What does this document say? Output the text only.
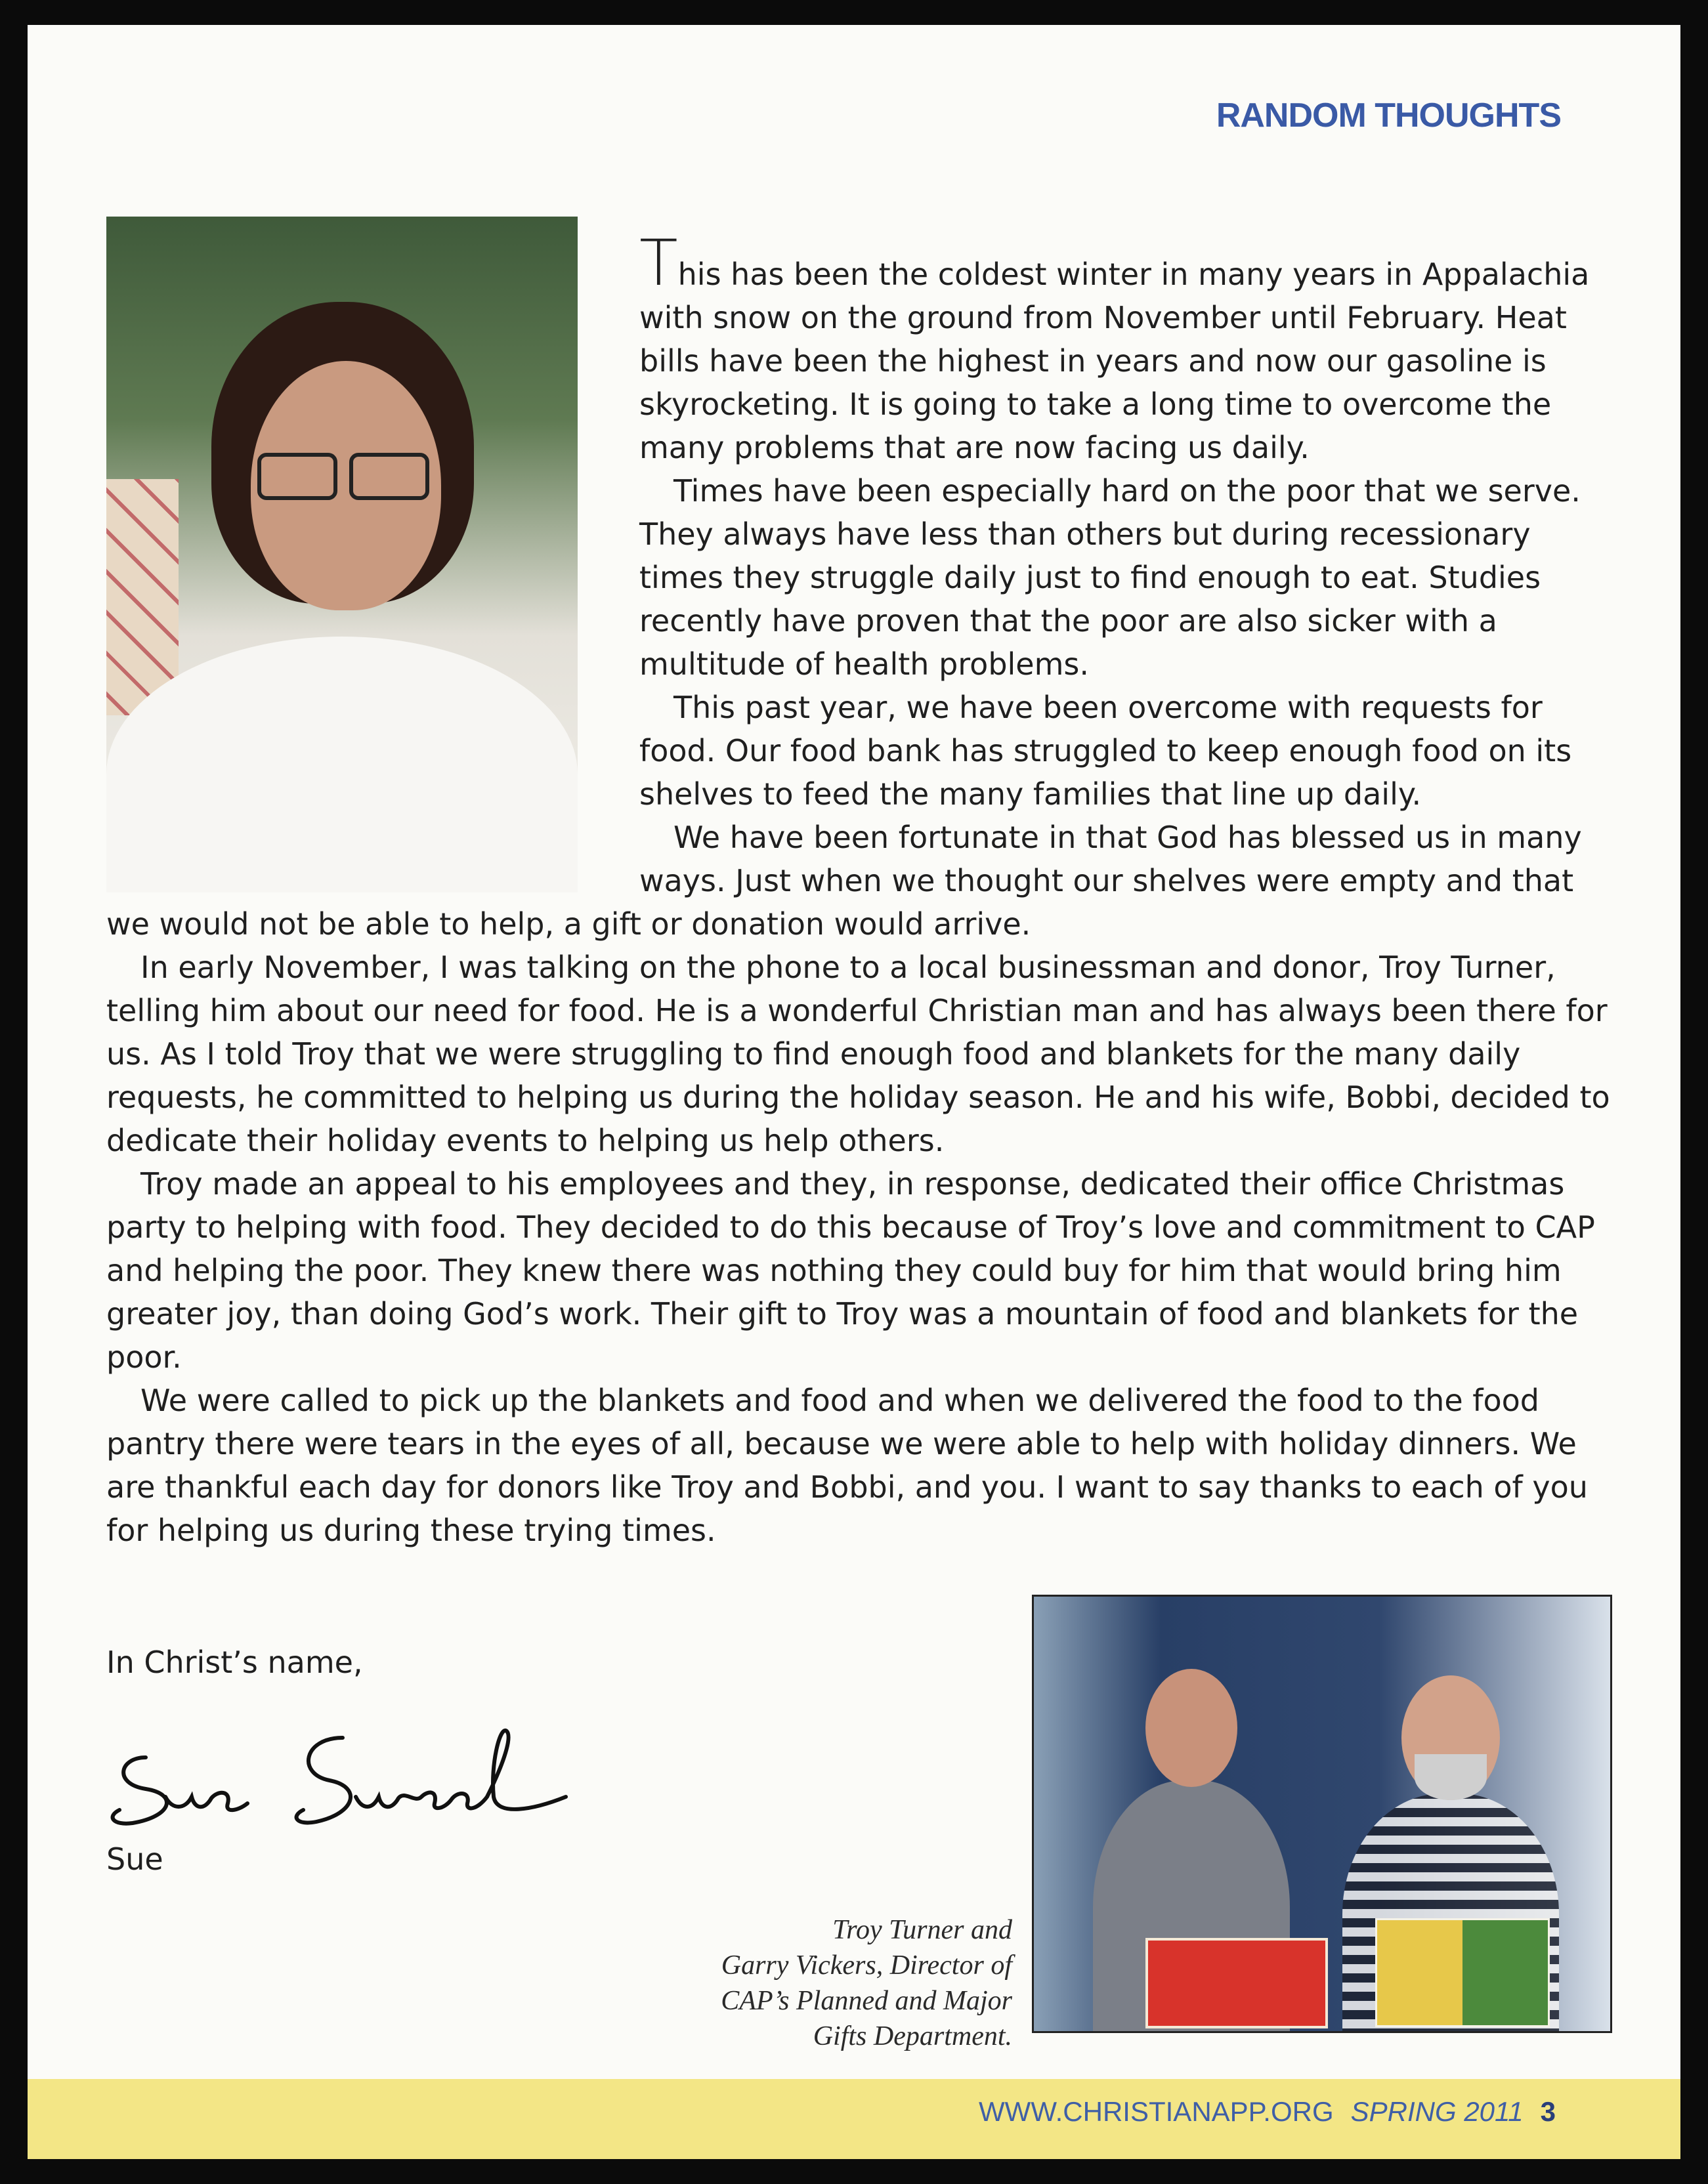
RANDOM THOUGHTS

This has been the coldest winter in many years in Appalachia with snow on the ground from November until February. Heat bills have been the highest in years and now our gasoline is skyrocketing. It is going to take a long time to overcome the many problems that are now facing us daily.

Times have been especially hard on the poor that we serve. They always have less than others but during recessionary times they struggle daily just to find enough to eat. Studies recently have proven that the poor are also sicker with a multitude of health problems.

This past year, we have been overcome with requests for food. Our food bank has struggled to keep enough food on its shelves to feed the many families that line up daily.

We have been fortunate in that God has blessed us in many ways. Just when we thought our shelves were empty and that we would not be able to help, a gift or donation would arrive.

In early November, I was talking on the phone to a local businessman and donor, Troy Turner, telling him about our need for food. He is a wonderful Christian man and has always been there for us. As I told Troy that we were struggling to find enough food and blankets for the many daily requests, he committed to helping us during the holiday season. He and his wife, Bobbi, decided to dedicate their holiday events to helping us help others.

Troy made an appeal to his employees and they, in response, dedicated their office Christmas party to helping with food. They decided to do this because of Troy’s love and commitment to CAP and helping the poor. They knew there was nothing they could buy for him that would bring him greater joy, than doing God’s work. Their gift to Troy was a mountain of food and blankets for the poor.

We were called to pick up the blankets and food and when we delivered the food to the food pantry there were tears in the eyes of all, because we were able to help with holiday dinners. We are thankful each day for donors like Troy and Bobbi, and you. I want to say thanks to each of you for helping us during these trying times.

In Christ’s name,
Sue
Troy Turner and
Garry Vickers, Director of
CAP’s Planned and Major
Gifts Department.
WWW.CHRISTIANAPP.ORG SPRING 2011 3
